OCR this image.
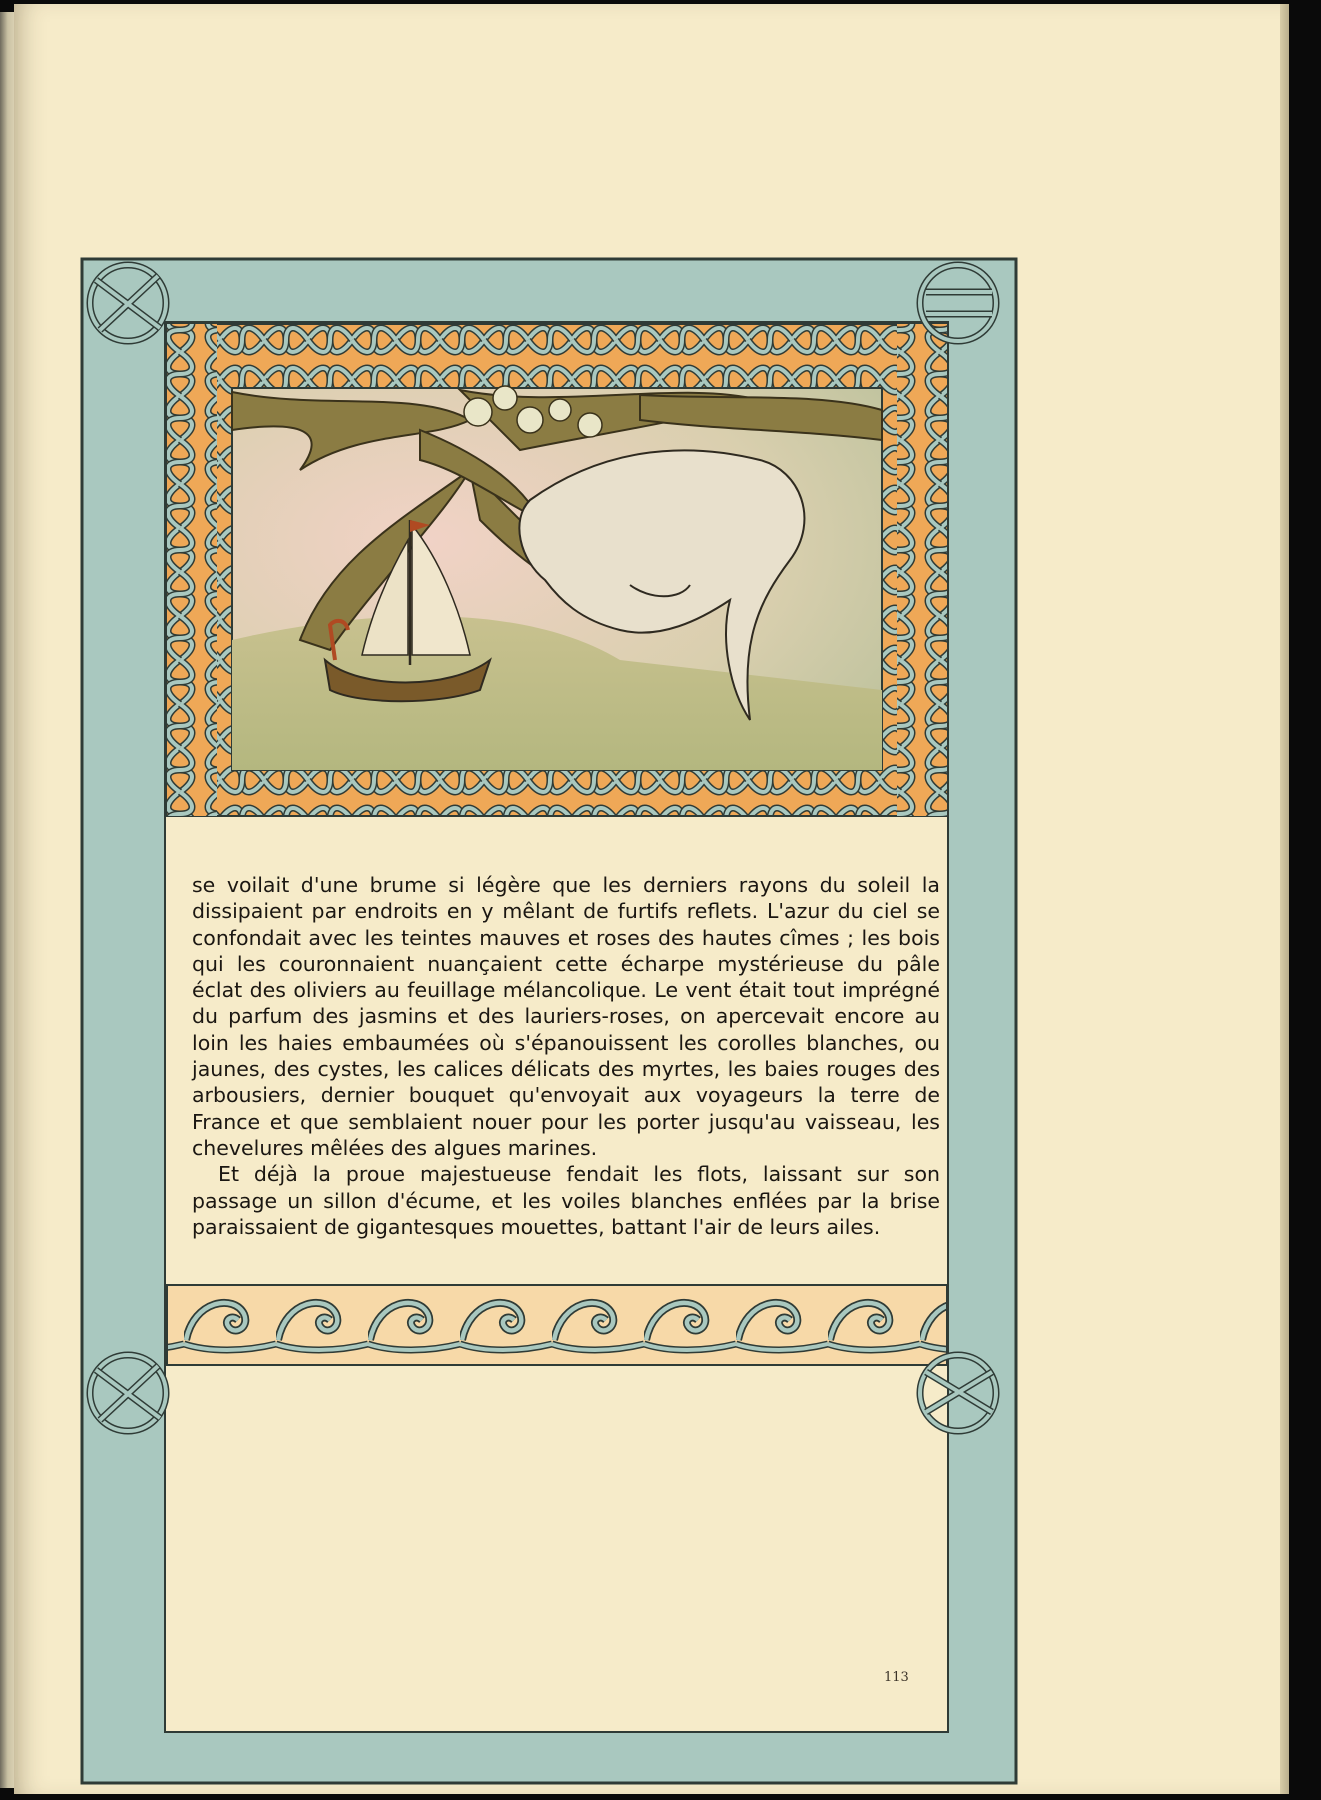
se voilait d'une brume si légère que les derniers rayons du soleil la dissipaient par endroits en y mêlant de furtifs reflets. L'azur du ciel se confondait avec les teintes mauves et roses des hautes cîmes ; les bois qui les couronnaient nuançaient cette écharpe mystérieuse du pâle éclat des oliviers au feuillage mélancolique. Le vent était tout imprégné du parfum des jasmins et des lauriers-roses, on apercevait encore au loin les haies embaumées où s'épanouissent les corolles blanches, ou jaunes, des cystes, les calices délicats des myrtes, les baies rouges des arbousiers, dernier bouquet qu'envoyait aux voyageurs la terre de France et que semblaient nouer pour les porter jusqu'au vaisseau, les chevelures mêlées des algues marines.

Et déjà la proue majestueuse fendait les flots, laissant sur son passage un sillon d'écume, et les voiles blanches enflées par la brise paraissaient de gigantesques mouettes, battant l'air de leurs ailes.

113
